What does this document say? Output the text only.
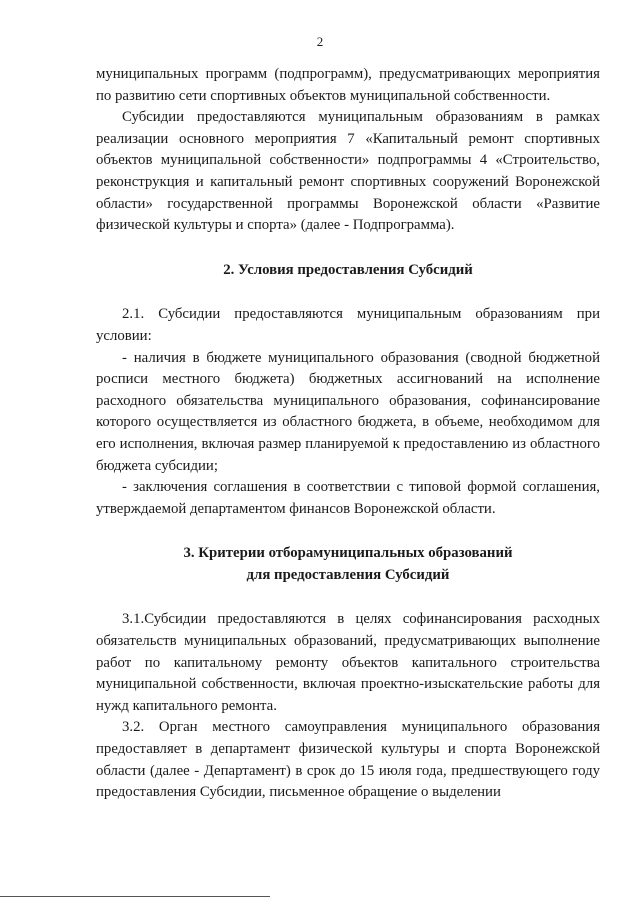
2

муниципальных программ (подпрограмм), предусматривающих мероприятия по развитию сети спортивных объектов муниципальной собственности.

Субсидии предоставляются муниципальным образованиям в рамках реализации основного мероприятия 7 «Капитальный ремонт спортивных объектов муниципальной собственности» подпрограммы 4 «Строительство, реконструкция и капитальный ремонт спортивных сооружений Воронежской области» государственной программы Воронежской области «Развитие физической культуры и спорта» (далее - Подпрограмма).

2. Условия предоставления Субсидий

2.1. Субсидии предоставляются муниципальным образованиям при условии:

- наличия в бюджете муниципального образования (сводной бюджетной росписи местного бюджета) бюджетных ассигнований на исполнение расходного обязательства муниципального образования, софинансирование которого осуществляется из областного бюджета, в объеме, необходимом для его исполнения, включая размер планируемой к предоставлению из областного бюджета субсидии;

- заключения соглашения в соответствии с типовой формой соглашения, утверждаемой департаментом финансов Воронежской области.

3. Критерии отборамуниципальных образований

для предоставления Субсидий

3.1.Субсидии предоставляются в целях софинансирования расходных обязательств муниципальных образований, предусматривающих выполнение работ по капитальному ремонту объектов капитального строительства муниципальной собственности, включая проектно-изыскательские работы для нужд капитального ремонта.

3.2. Орган местного самоуправления муниципального образования предоставляет в департамент физической культуры и спорта Воронежской области (далее - Департамент) в срок до 15 июля года, предшествующего году предоставления Субсидии, письменное обращение о выделении
